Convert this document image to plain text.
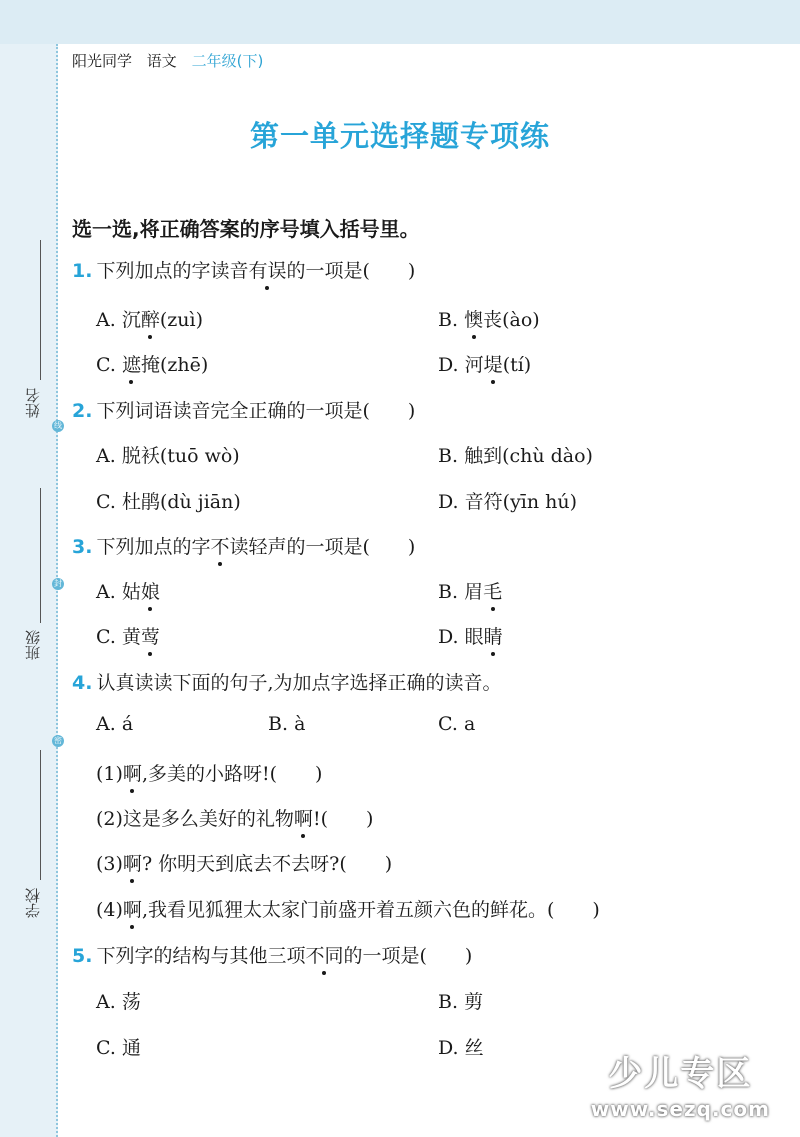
姓名
线
封
班级
密
学校
阳光同学 语文 二年级(下)
第一单元选择题专项练
选一选,将正确答案的序号填入括号里。
1. 下列加点的字读音有误的一项是(　　)
A. 沉醉(zuì)	B. 懊丧(ào)
C. 遮掩(zhē)	D. 河堤(tí)
2. 下列词语读音完全正确的一项是(　　)
A. 脱袄(tuō wò)	B. 触到(chù dào)
C. 杜鹃(dù jiān)	D. 音符(yīn hú)
3. 下列加点的字不读轻声的一项是(　　)
A. 姑娘	B. 眉毛
C. 黄莺	D. 眼睛
4. 认真读读下面的句子,为加点字选择正确的读音。
A. á	B. à	C. a
(1)啊,多美的小路呀!(　　)
(2)这是多么美好的礼物啊!(　　)
(3)啊? 你明天到底去不去呀?(　　)
(4)啊,我看见狐狸太太家门前盛开着五颜六色的鲜花。(　　)
5. 下列字的结构与其他三项不同的一项是(　　)
A. 荡	B. 剪
C. 通	D. 丝
少儿专区
www.sezq.com
